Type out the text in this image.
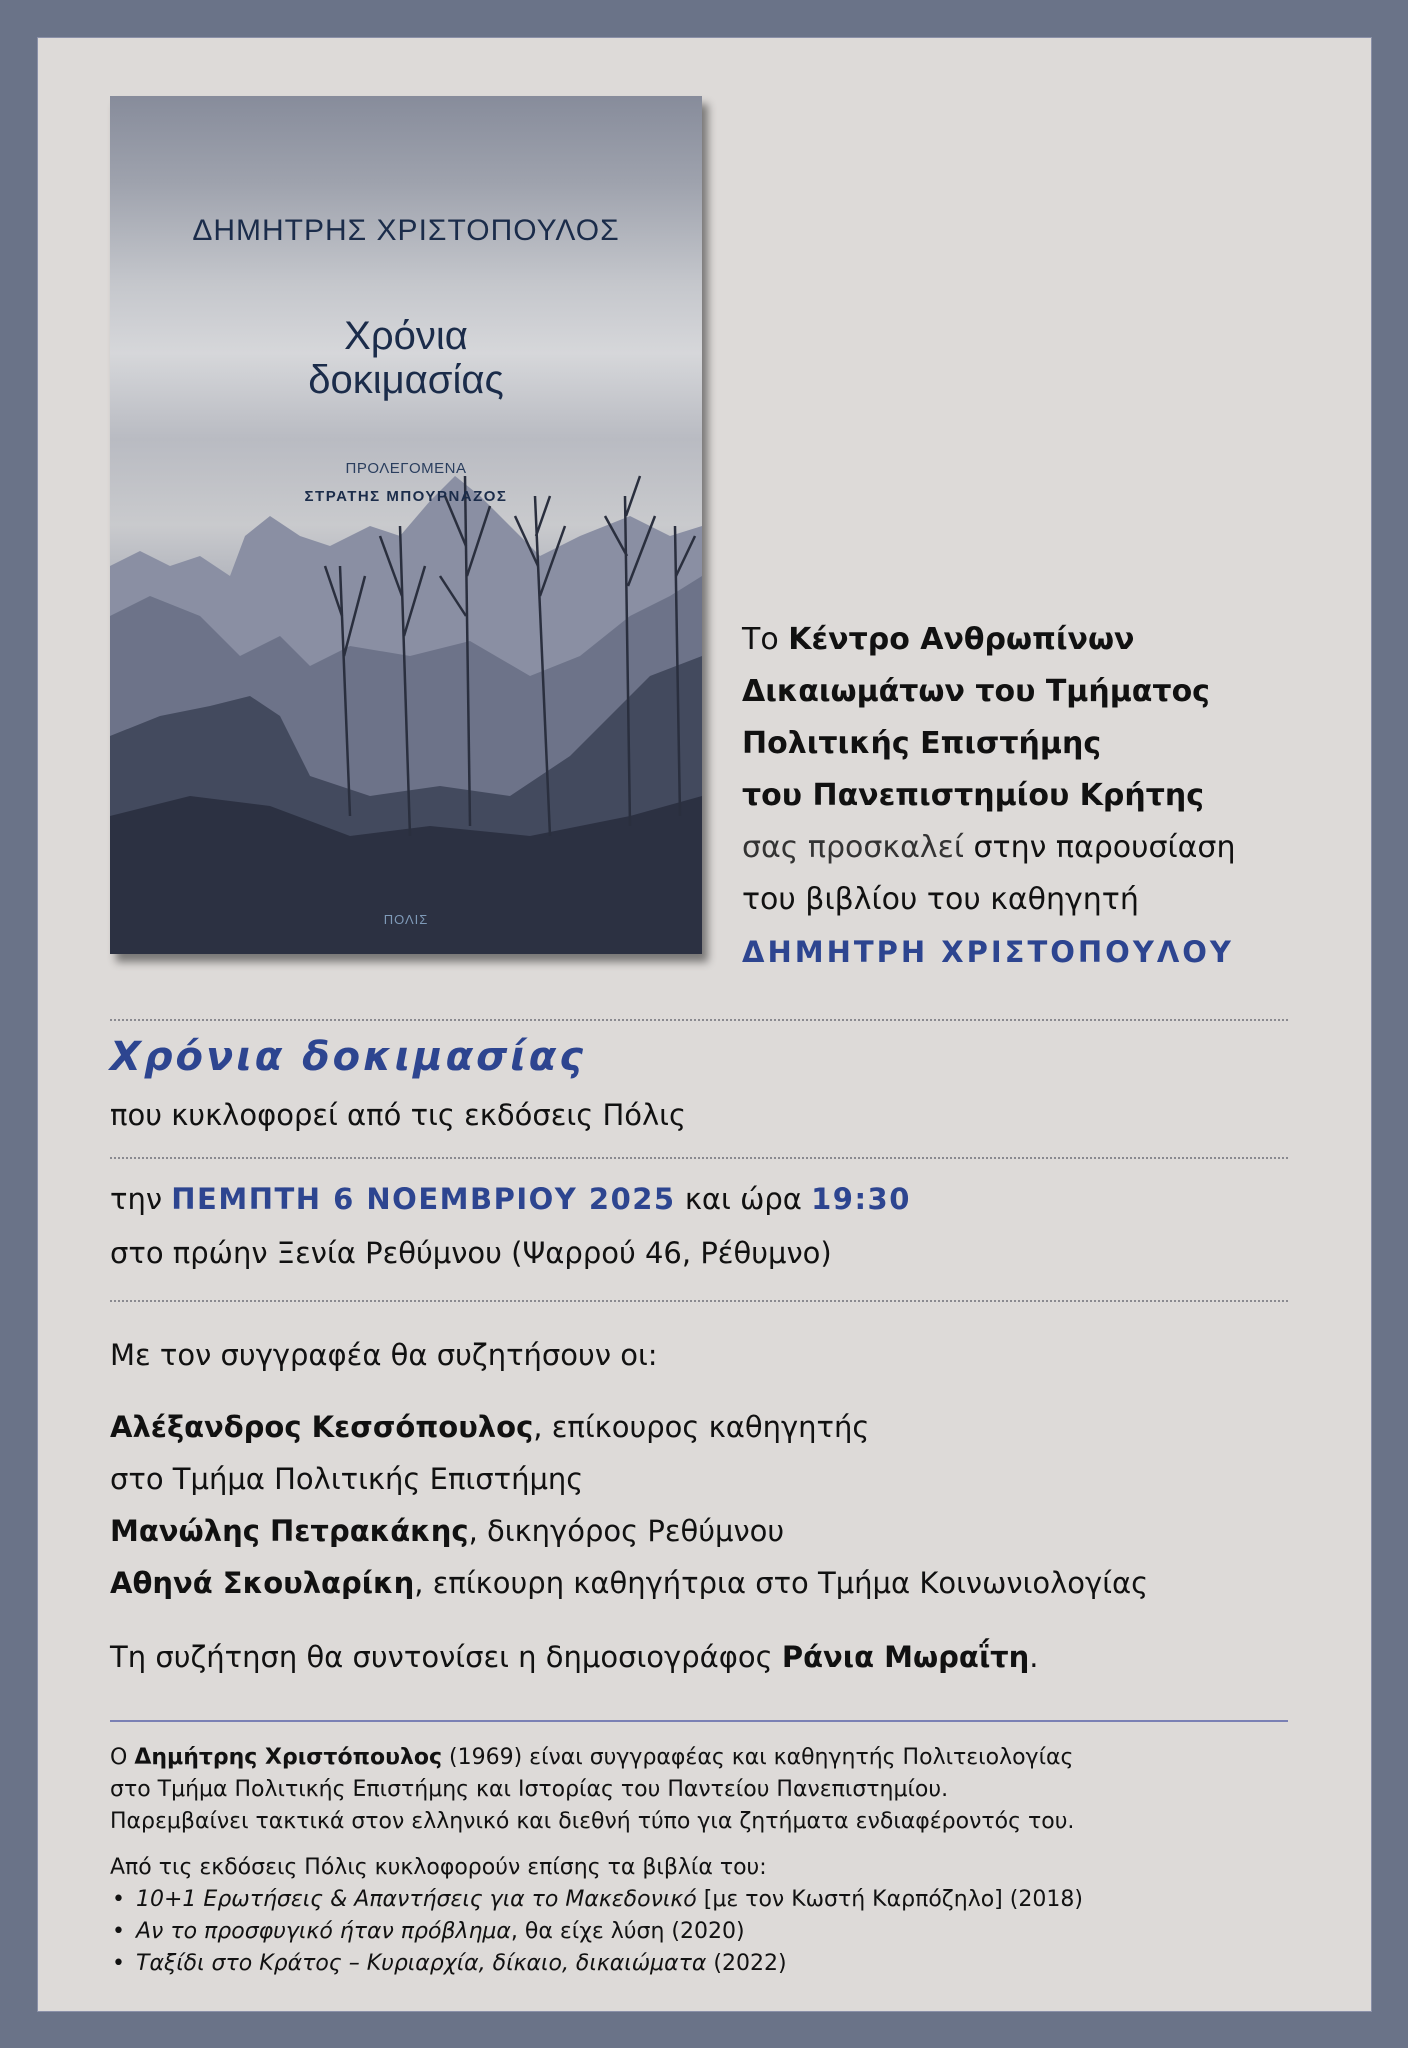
ΔΗΜΗΤΡΗΣ ΧΡΙΣΤΟΠΟΥΛΟΣ
Χρόνια
δοκιμασίας
ΠΡΟΛΕΓΟΜΕΝΑ
ΣΤΡΑΤΗΣ ΜΠΟΥΡΝΑΖΟΣ
ΠΟΛΙΣ
Το Κέντρο Ανθρωπίνων
Δικαιωμάτων του Τμήματος
Πολιτικής Επιστήμης
του Πανεπιστημίου Κρήτης
σας προσκαλεί στην παρουσίαση
του βιβλίου του καθηγητή
ΔΗΜΗΤΡΗ ΧΡΙΣΤΟΠΟΥΛΟΥ
Χρόνια δοκιμασίας
που κυκλοφορεί από τις εκδόσεις Πόλις
την ΠΕΜΠΤΗ 6 ΝΟΕΜΒΡΙΟΥ 2025 και ώρα 19:30
στο πρώην Ξενία Ρεθύμνου (Ψαρρού 46, Ρέθυμνο)
Με τον συγγραφέα θα συζητήσουν οι:
Αλέξανδρος Κεσσόπουλος, επίκουρος καθηγητής
στο Τμήμα Πολιτικής Επιστήμης
Μανώλης Πετρακάκης, δικηγόρος Ρεθύμνου
Αθηνά Σκουλαρίκη, επίκουρη καθηγήτρια στο Τμήμα Κοινωνιολογίας
Τη συζήτηση θα συντονίσει η δημοσιογράφος Ράνια Μωραΐτη.
Ο Δημήτρης Χριστόπουλος (1969) είναι συγγραφέας και καθηγητής Πολιτειολογίας
στο Τμήμα Πολιτικής Επιστήμης και Ιστορίας του Παντείου Πανεπιστημίου.
Παρεμβαίνει τακτικά στον ελληνικό και διεθνή τύπο για ζητήματα ενδιαφέροντός του.
Από τις εκδόσεις Πόλις κυκλοφορούν επίσης τα βιβλία του:
• 10+1 Ερωτήσεις & Απαντήσεις για το Μακεδονικό [με τον Κωστή Καρπόζηλο] (2018)
• Αν το προσφυγικό ήταν πρόβλημα, θα είχε λύση (2020)
• Ταξίδι στο Κράτος – Κυριαρχία, δίκαιο, δικαιώματα (2022)
